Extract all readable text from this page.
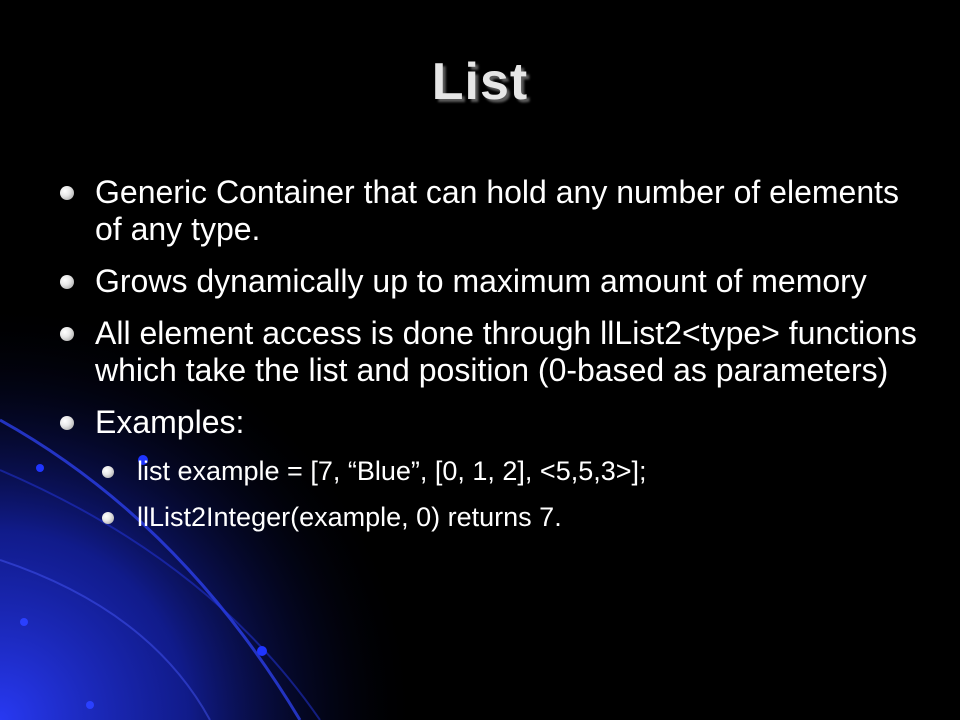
List
Generic Container that can hold any number of elements of any type.
Grows dynamically up to maximum amount of memory
All element access is done through llList2<type> functions which take the list and position (0-based as parameters)
Examples:
list example = [7, “Blue”, [0, 1, 2], <5,5,3>];
llList2Integer(example, 0) returns 7.
